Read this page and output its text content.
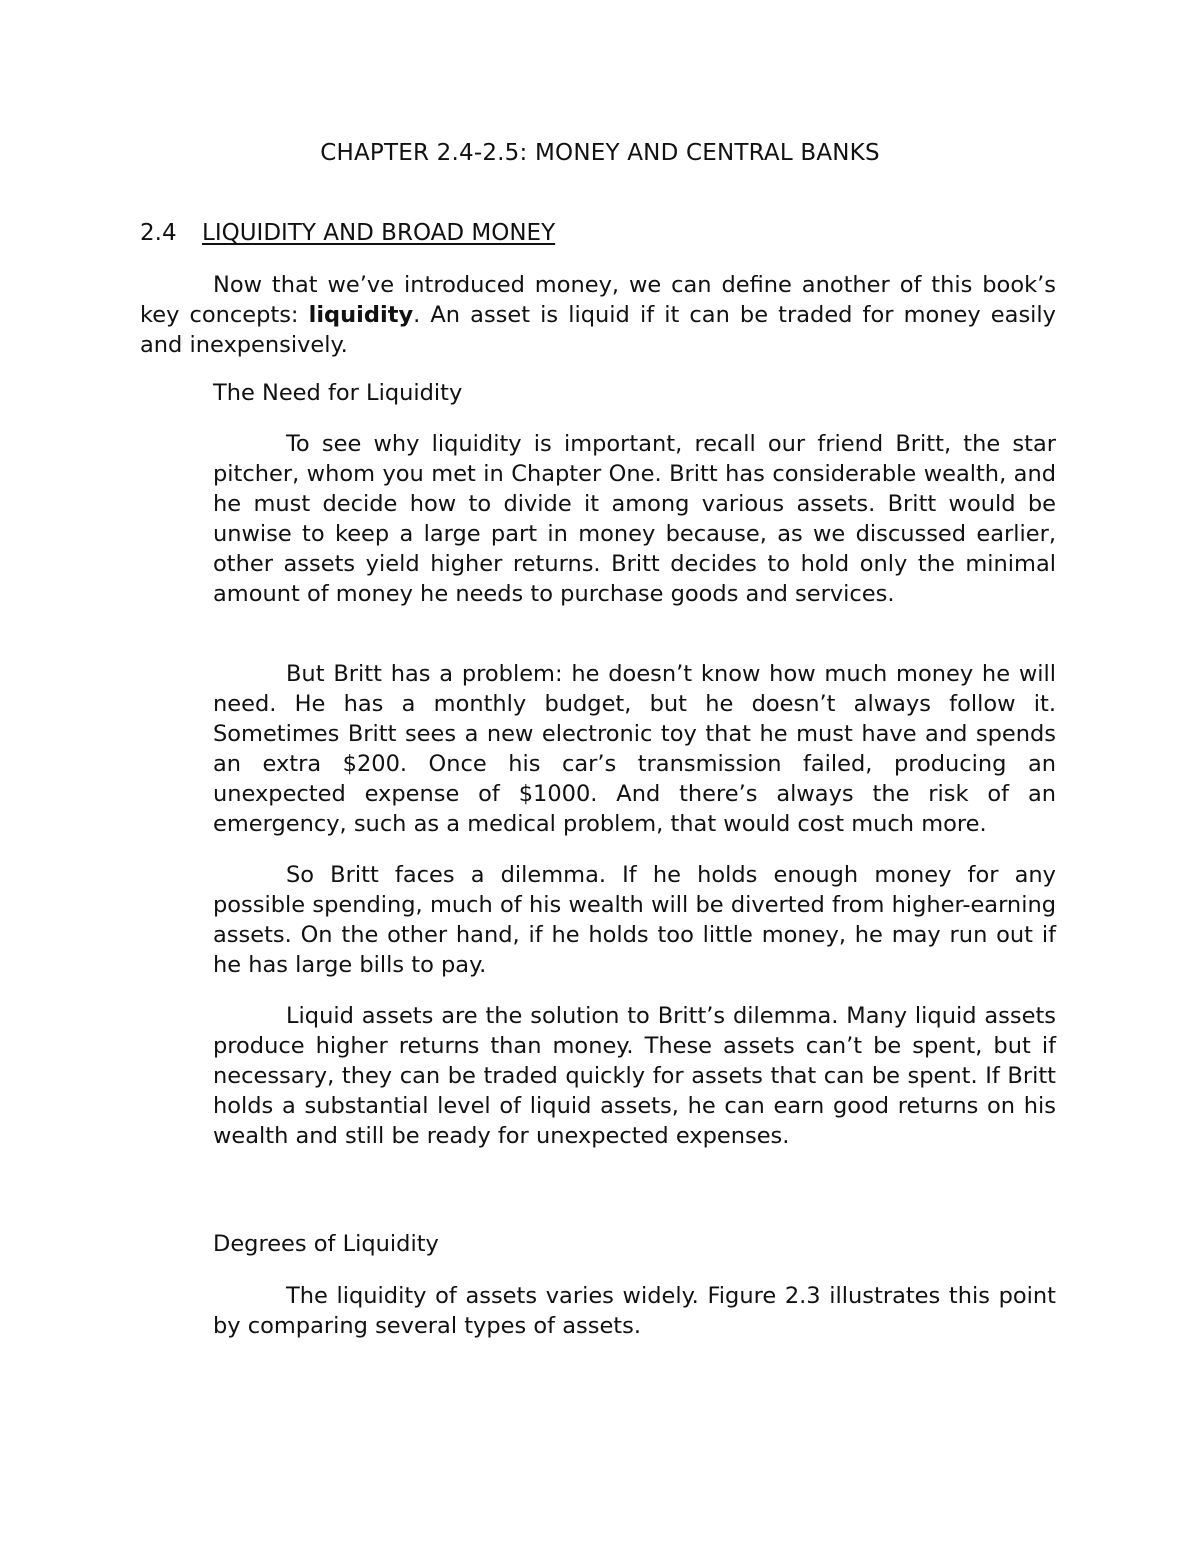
CHAPTER 2.4-2.5: MONEY AND CENTRAL BANKS
2.4 LIQUIDITY AND BROAD MONEY

Now that we’ve introduced money, we can define another of this book’s key concepts: liquidity. An asset is liquid if it can be traded for money easily and inexpensively.

The Need for Liquidity

To see why liquidity is important, recall our friend Britt, the star pitcher, whom you met in Chapter One. Britt has considerable wealth, and he must decide how to divide it among various assets. Britt would be unwise to keep a large part in money because, as we discussed earlier, other assets yield higher returns. Britt decides to hold only the minimal amount of money he needs to purchase goods and services.

But Britt has a problem: he doesn’t know how much money he will need. He has a monthly budget, but he doesn’t always follow it. Sometimes Britt sees a new electronic toy that he must have and spends an extra $200. Once his car’s transmission failed, producing an unexpected expense of $1000. And there’s always the risk of an emergency, such as a medical problem, that would cost much more.

So Britt faces a dilemma. If he holds enough money for any possible spending, much of his wealth will be diverted from higher-earning assets. On the other hand, if he holds too little money, he may run out if he has large bills to pay.

Liquid assets are the solution to Britt’s dilemma. Many liquid assets produce higher returns than money. These assets can’t be spent, but if necessary, they can be traded quickly for assets that can be spent. If Britt holds a substantial level of liquid assets, he can earn good returns on his wealth and still be ready for unexpected expenses.

Degrees of Liquidity

The liquidity of assets varies widely. Figure 2.3 illustrates this point by comparing several types of assets.
